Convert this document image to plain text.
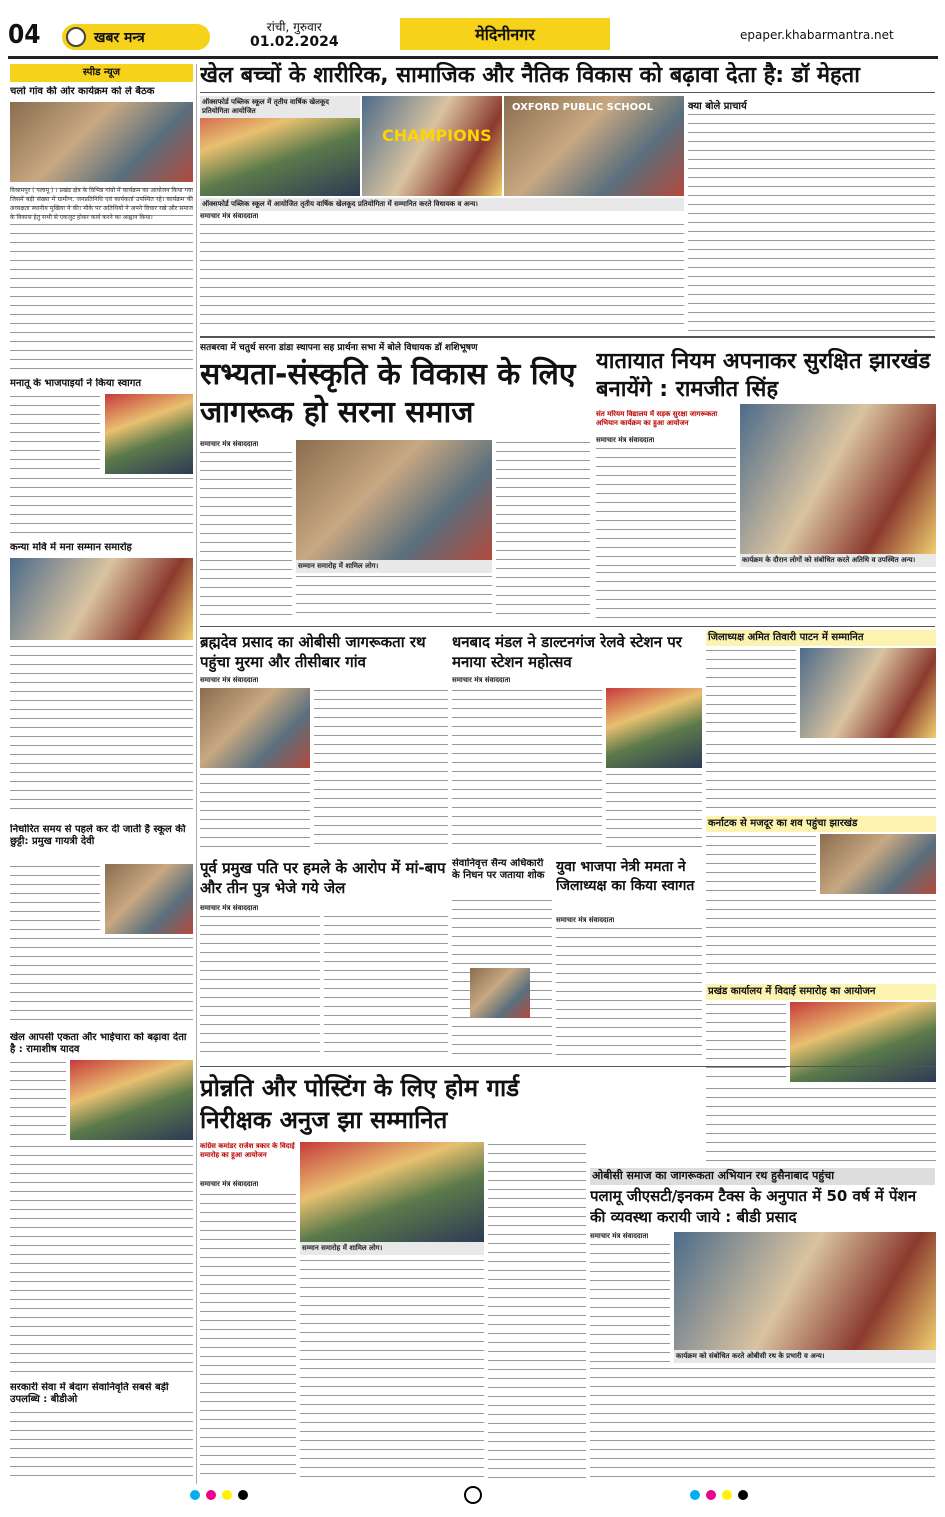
04	खबर मन्त्र
रांची, गुरुवार
01.02.2024	मेदिनीनगर	epaper.khabarmantra.net
स्पीड न्यूज
चलो गांव की ओर कार्यक्रम को ले बैठक
विश्रामपुर ( पलामू ) । प्रखंड क्षेत्र के विभिन्न गांवों में कार्यक्रम का आयोजन किया गया जिसमें बड़ी संख्या में ग्रामीण, जनप्रतिनिधि एवं कार्यकर्ता उपस्थित रहे। कार्यक्रम की अध्यक्षता स्थानीय मुखिया ने की। मौके पर अतिथियों ने अपने विचार रखे और समाज के विकास हेतु सभी से एकजुट होकर कार्य करने का आह्वान किया।
मनातू के भाजपाइयों ने किया स्वागत
कन्या मवि में मना सम्मान समारोह
निर्धारित समय से पहले कर दी जाती है स्कूल की छुट्टी: प्रमुख गायत्री देवी
खेल आपसी एकता और भाईचारा को बढ़ावा देता है : रामाशीष यादव
सरकारी सेवा में बेदाग सेवानिवृति सबसे बड़ी उपलब्धि : बीडीओ
खेल बच्चों के शारीरिक, सामाजिक और नैतिक विकास को बढ़ावा देता है: डॉ मेहता
ऑक्सफोर्ड पब्लिक स्कूल में तृतीय वार्षिक खेलकूद प्रतियोगिता आयोजित
CHAMPIONS
OXFORD PUBLIC SCHOOL
ऑक्सफोर्ड पब्लिक स्कूल में आयोजित तृतीय वार्षिक खेलकूद प्रतियोगिता में सम्मानित करते विधायक व अन्य।
समाचार मंत्र संवाददाता
क्या बोले प्राचार्य
सतबरवा में चतुर्थ सरना डांडा स्थापना सह प्रार्थना सभा में बोले विधायक डॉ शशिभूषण
सभ्यता-संस्कृति के विकास के लिए जागरूक हो सरना समाज
समाचार मंत्र संवाददाता
सम्मान समारोह में शामिल लोग।
यातायात नियम अपनाकर सुरक्षित झारखंड बनायेंगे : रामजीत सिंह
संत मरियम विद्यालय में सड़क सुरक्षा जागरूकता अभियान कार्यक्रम का हुआ आयोजन
समाचार मंत्र संवाददाता
कार्यक्रम के दौरान लोगों को संबोधित करते अतिथि व उपस्थित अन्य।
ब्रह्मदेव प्रसाद का ओबीसी जागरूकता रथ पहुंचा मुरमा और तीसीबार गांव
समाचार मंत्र संवाददाता
धनबाद मंडल ने डाल्टनगंज रेलवे स्टेशन पर मनाया स्टेशन महोत्सव
समाचार मंत्र संवाददाता
जिलाध्यक्ष अमित तिवारी पाटन में सम्मानित
कर्नाटक से मजदूर का शव पहुंचा झारखंड
प्रखंड कार्यालय में विदाई समारोह का आयोजन
पूर्व प्रमुख पति पर हमले के आरोप में मां-बाप और तीन पुत्र भेजे गये जेल
समाचार मंत्र संवाददाता
सेवानिवृत्त सैन्य अधिकारी के निधन पर जताया शोक युवा भाजपा नेत्री ममता ने जिलाध्यक्ष का किया स्वागत
समाचार मंत्र संवाददाता
प्रोन्नति और पोस्टिंग के लिए होम गार्ड निरीक्षक अनुज झा सम्मानित
कांग्रेस कमांडर राजेश त्रकार के विदाई समारोह का हुआ आयोजन
समाचार मंत्र संवाददाता
सम्मान समारोह में शामिल लोग।
ओबीसी समाज का जागरूकता अभियान रथ हुसैनाबाद पहुंचा
पलामू जीएसटी/इनकम टैक्स के अनुपात में 50 वर्ष में पेंशन की व्यवस्था करायी जाये : बीडी प्रसाद
समाचार मंत्र संवाददाता
कार्यक्रम को संबोधित करते ओबीसी रथ के प्रभारी व अन्य।
